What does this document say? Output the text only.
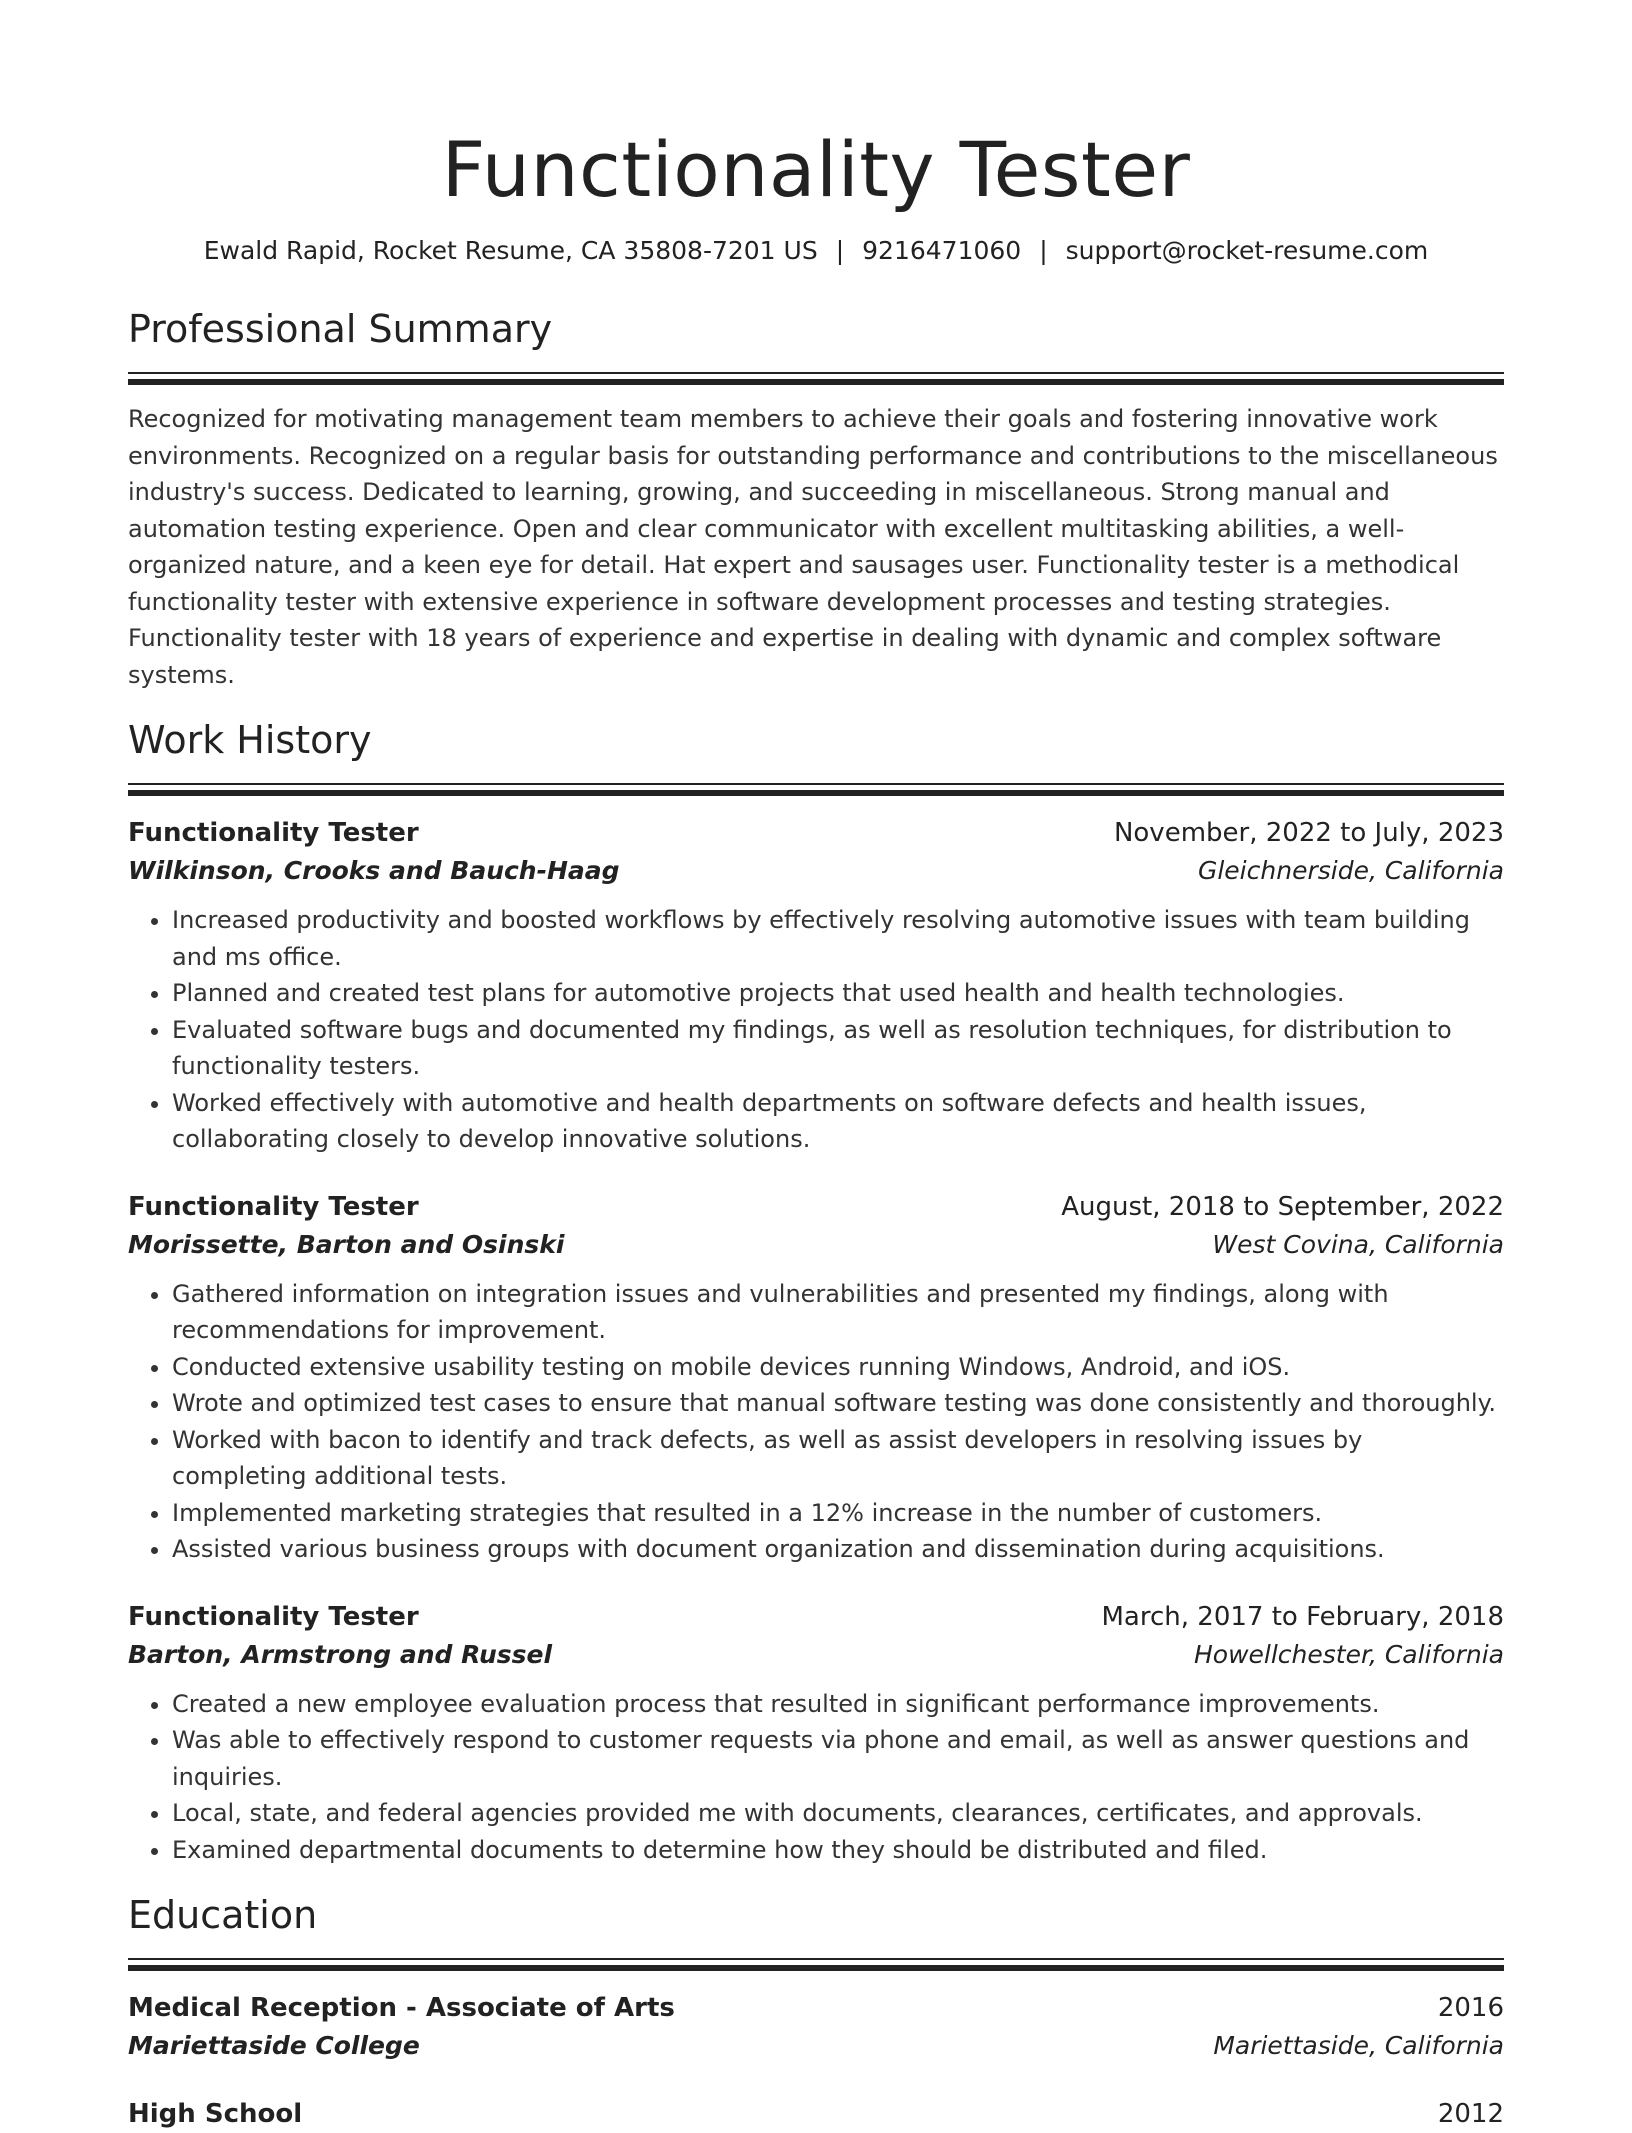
Functionality Tester
Ewald Rapid, Rocket Resume, CA 35808-7201 US | 9216471060 | support@rocket-resume.com
Professional Summary

Recognized for motivating management team members to achieve their goals and fostering innovative work environments. Recognized on a regular basis for outstanding performance and contributions to the miscellaneous industry's success. Dedicated to learning, growing, and succeeding in miscellaneous. Strong manual and automation testing experience. Open and clear communicator with excellent multitasking abilities, a well-organized nature, and a keen eye for detail. Hat expert and sausages user. Functionality tester is a methodical functionality tester with extensive experience in software development processes and testing strategies. Functionality tester with 18 years of experience and expertise in dealing with dynamic and complex software systems.

Work History
Functionality Tester	November, 2022 to July, 2023
Wilkinson, Crooks and Bauch-Haag	Gleichnerside, California
• Increased productivity and boosted workflows by effectively resolving automotive issues with team building and ms office.
• Planned and created test plans for automotive projects that used health and health technologies.
• Evaluated software bugs and documented my findings, as well as resolution techniques, for distribution to functionality testers.
• Worked effectively with automotive and health departments on software defects and health issues, collaborating closely to develop innovative solutions.
Functionality Tester	August, 2018 to September, 2022
Morissette, Barton and Osinski	West Covina, California
• Gathered information on integration issues and vulnerabilities and presented my findings, along with recommendations for improvement.
• Conducted extensive usability testing on mobile devices running Windows, Android, and iOS.
• Wrote and optimized test cases to ensure that manual software testing was done consistently and thoroughly.
• Worked with bacon to identify and track defects, as well as assist developers in resolving issues by completing additional tests.
• Implemented marketing strategies that resulted in a 12% increase in the number of customers.
• Assisted various business groups with document organization and dissemination during acquisitions.
Functionality Tester	March, 2017 to February, 2018
Barton, Armstrong and Russel	Howellchester, California
• Created a new employee evaluation process that resulted in significant performance improvements.
• Was able to effectively respond to customer requests via phone and email, as well as answer questions and inquiries.
• Local, state, and federal agencies provided me with documents, clearances, certificates, and approvals.
• Examined departmental documents to determine how they should be distributed and filed.
Education
Medical Reception - Associate of Arts	2016
Mariettaside College	Mariettaside, California
High School	2012
